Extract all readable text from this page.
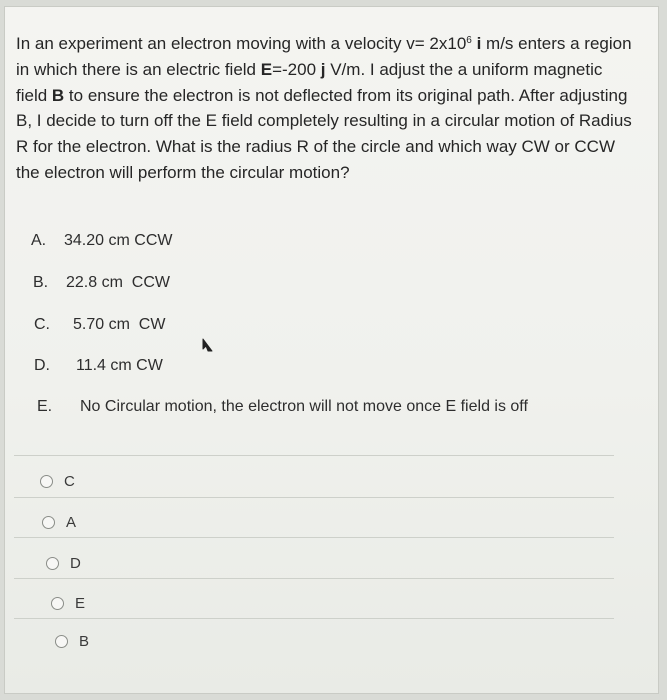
In an experiment an electron moving with a velocity $v= 2x10^6$ i m/s enters a region in which there is an electric field E=-200 j V/m. I adjust the a uniform magnetic field B to ensure the electron is not deflected from its original path. After adjusting B, I decide to turn off the E field completely resulting in a circular motion of Radius R for the electron. What is the radius R of the circle and which way CW or CCW the electron will perform the circular motion?
A. 34.20 cm CCW
B. 22.8 cm  CCW
C. 5.70 cm  CW
D. 11.4 cm CW
E. No Circular motion, the electron will not move once E field is off
C
A
D
E
B
